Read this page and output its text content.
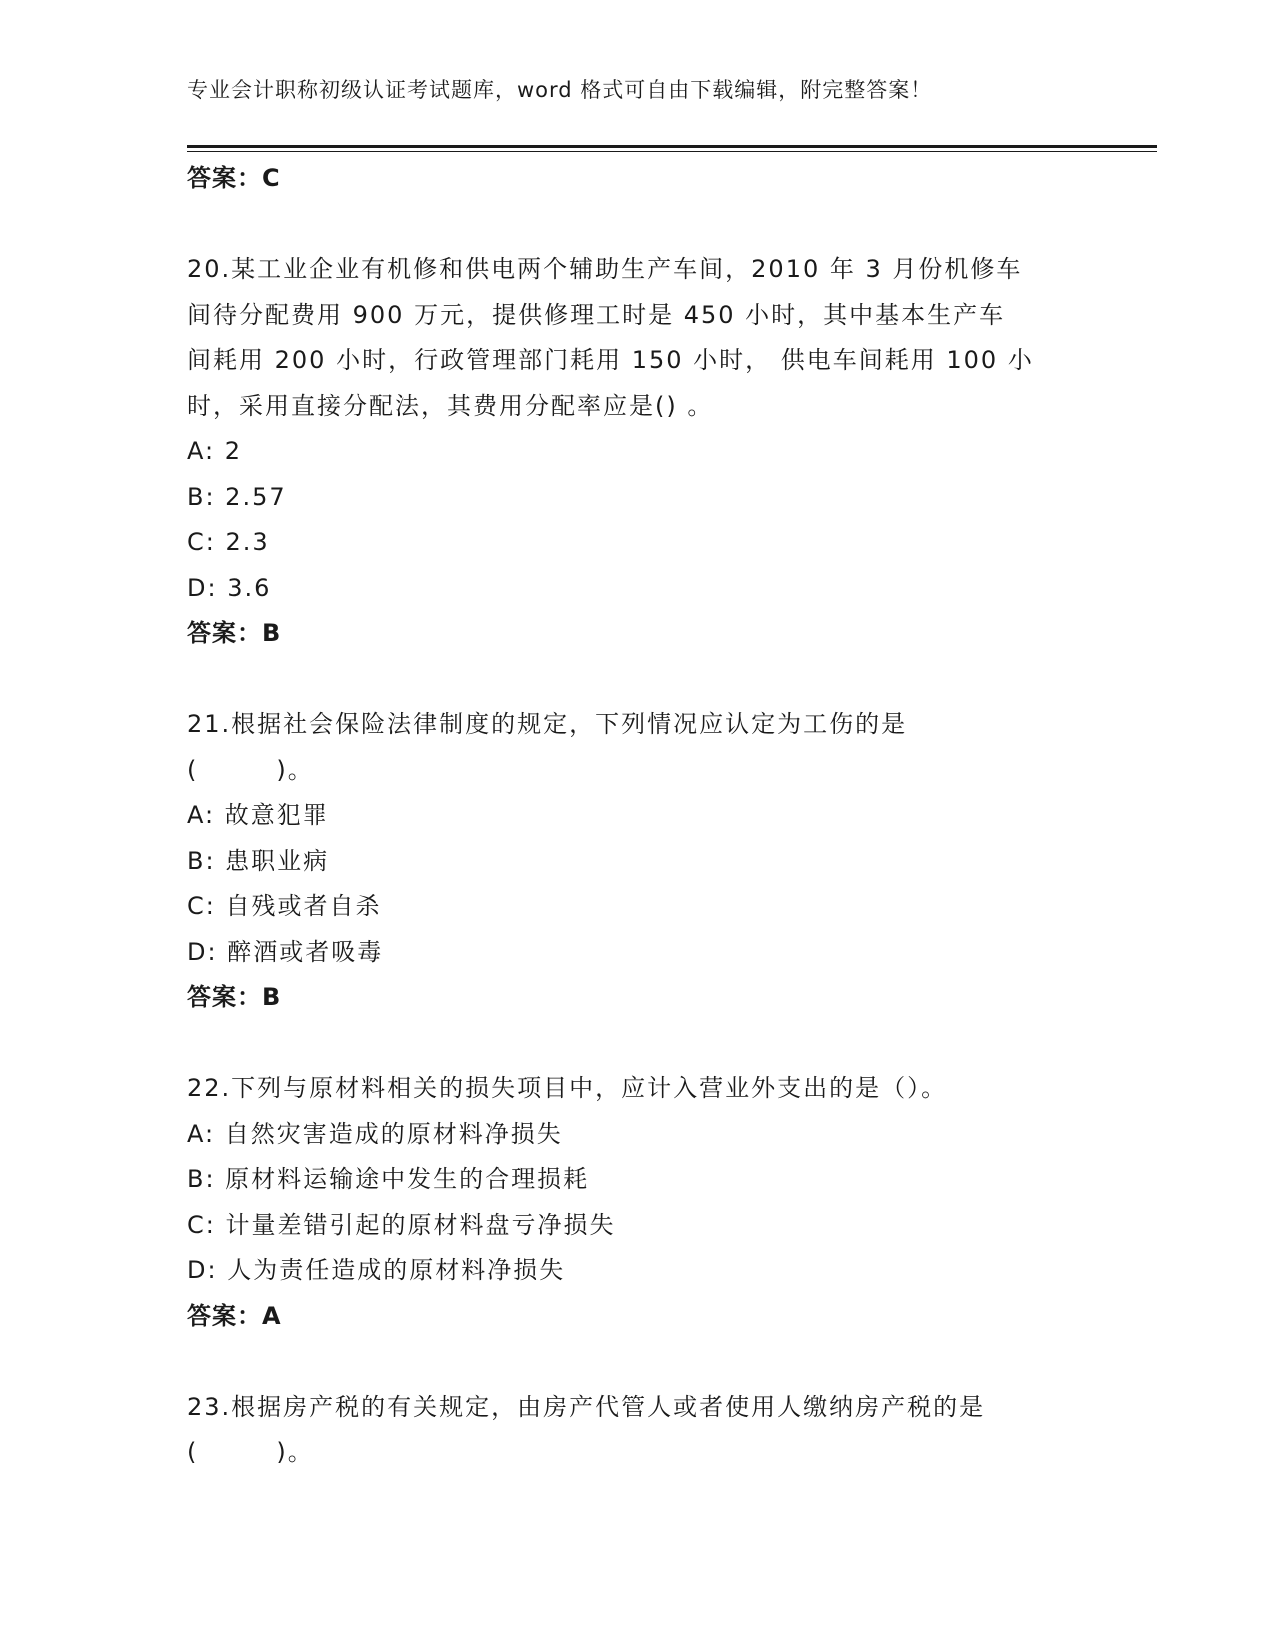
专业会计职称初级认证考试题库，word 格式可自由下载编辑，附完整答案！
答案：C
20.某工业企业有机修和供电两个辅助生产车间，2010 年 3 月份机修车
间待分配费用 900 万元，提供修理工时是 450 小时，其中基本生产车
间耗用 200 小时，行政管理部门耗用 150 小时， 供电车间耗用 100 小
时，采用直接分配法，其费用分配率应是() 。
A: 2
B: 2.57
C: 2.3
D: 3.6
答案：B
21.根据社会保险法律制度的规定，下列情况应认定为工伤的是
(　　　)。
A: 故意犯罪
B: 患职业病
C: 自残或者自杀
D: 醉酒或者吸毒
答案：B
22.下列与原材料相关的损失项目中，应计入营业外支出的是（）。
A: 自然灾害造成的原材料净损失
B: 原材料运输途中发生的合理损耗
C: 计量差错引起的原材料盘亏净损失
D: 人为责任造成的原材料净损失
答案：A
23.根据房产税的有关规定，由房产代管人或者使用人缴纳房产税的是
(　　　)。
